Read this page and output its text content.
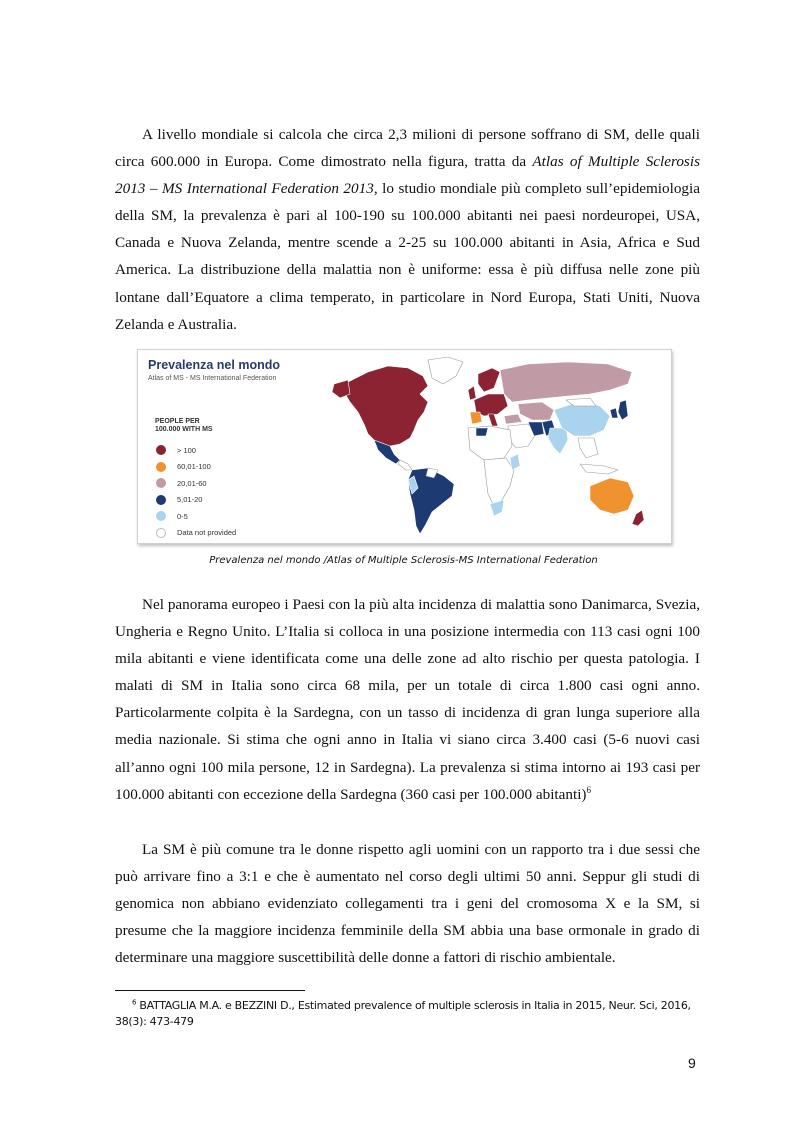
A livello mondiale si calcola che circa 2,3 milioni di persone soffrano di SM, delle quali circa 600.000 in Europa. Come dimostrato nella figura, tratta da Atlas of Multiple Sclerosis 2013 – MS International Federation 2013, lo studio mondiale più completo sull’epidemiologia della SM, la prevalenza è pari al 100-190 su 100.000 abitanti nei paesi nordeuropei, USA, Canada e Nuova Zelanda, mentre scende a 2-25 su 100.000 abitanti in Asia, Africa e Sud America. La distribuzione della malattia non è uniforme: essa è più diffusa nelle zone più lontane dall’Equatore a clima temperato, in particolare in Nord Europa, Stati Uniti, Nuova Zelanda e Australia.

Prevalenza nel mondo
Atlas of MS - MS International Federation
PEOPLE PER
100.000 WITH MS
> 100
60,01-100
20,01-60
5,01-20
0-5
Data not provided
Prevalenza nel mondo /Atlas of Multiple Sclerosis-MS International Federation

Nel panorama europeo i Paesi con la più alta incidenza di malattia sono Danimarca, Svezia, Ungheria e Regno Unito. L’Italia si colloca in una posizione intermedia con 113 casi ogni 100 mila abitanti e viene identificata come una delle zone ad alto rischio per questa patologia. I malati di SM in Italia sono circa 68 mila, per un totale di circa 1.800 casi ogni anno. Particolarmente colpita è la Sardegna, con un tasso di incidenza di gran lunga superiore alla media nazionale. Si stima che ogni anno in Italia vi siano circa 3.400 casi (5-6 nuovi casi all’anno ogni 100 mila persone, 12 in Sardegna). La prevalenza si stima intorno ai 193 casi per 100.000 abitanti con eccezione della Sardegna (360 casi per 100.000 abitanti)$^6$

La SM è più comune tra le donne rispetto agli uomini con un rapporto tra i due sessi che può arrivare fino a 3:1 e che è aumentato nel corso degli ultimi 50 anni. Seppur gli studi di genomica non abbiano evidenziato collegamenti tra i geni del cromosoma X e la SM, si presume che la maggiore incidenza femminile della SM abbia una base ormonale in grado di determinare una maggiore suscettibilità delle donne a fattori di rischio ambientale.

$^6$ BATTAGLIA M.A. e BEZZINI D., Estimated prevalence of multiple sclerosis in Italia in 2015, Neur. Sci, 2016, 38(3): 473-479

9
